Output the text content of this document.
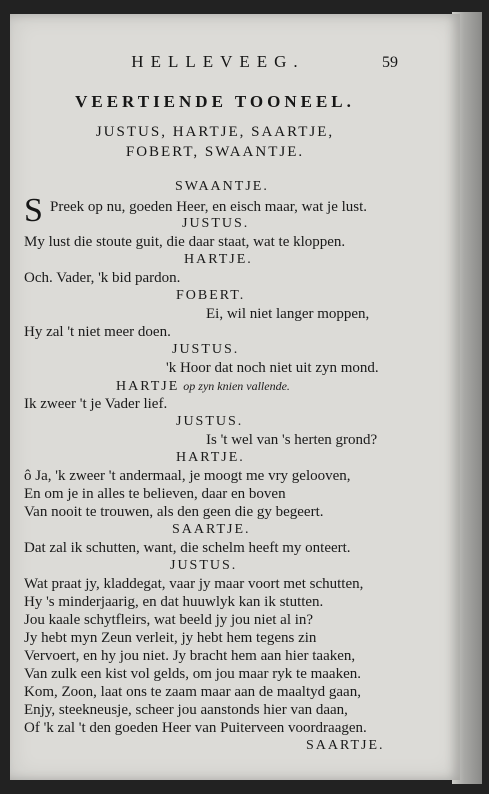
HELLEVEEG.	59
VEERTIENDE TOONEEL.
JUSTUS, HARTJE, SAARTJE,
FOBERT, SWAANTJE.
SWAANTJE.
S Preek op nu, goeden Heer, en eisch maar, wat je lust.
JUSTUS.
My lust die stoute guit, die daar staat, wat te kloppen.
HARTJE.
Och. Vader, 'k bid pardon.
FOBERT.
Ei, wil niet langer moppen,
Hy zal 't niet meer doen.
JUSTUS.
'k Hoor dat noch niet uit zyn mond.
HARTJE op zyn knien vallende.
Ik zweer 't je Vader lief.
JUSTUS.
Is 't wel van 's herten grond?
HARTJE.
ô Ja, 'k zweer 't andermaal, je moogt me vry gelooven,
En om je in alles te believen, daar en boven
Van nooit te trouwen, als den geen die gy begeert.
SAARTJE.
Dat zal ik schutten, want, die schelm heeft my onteert.
JUSTUS.
Wat praat jy, kladdegat, vaar jy maar voort met schutten,
Hy 's minderjaarig, en dat huuwlyk kan ik stutten.
Jou kaale schytfleirs, wat beeld jy jou niet al in?
Jy hebt myn Zeun verleit, jy hebt hem tegens zin
Vervoert, en hy jou niet. Jy bracht hem aan hier taaken,
Van zulk een kist vol gelds, om jou maar ryk te maaken.
Kom, Zoon, laat ons te zaam maar aan de maaltyd gaan,
Enjy, steekneusje, scheer jou aanstonds hier van daan,
Of 'k zal 't den goeden Heer van Puiterveen voordraagen.
SAARTJE.
